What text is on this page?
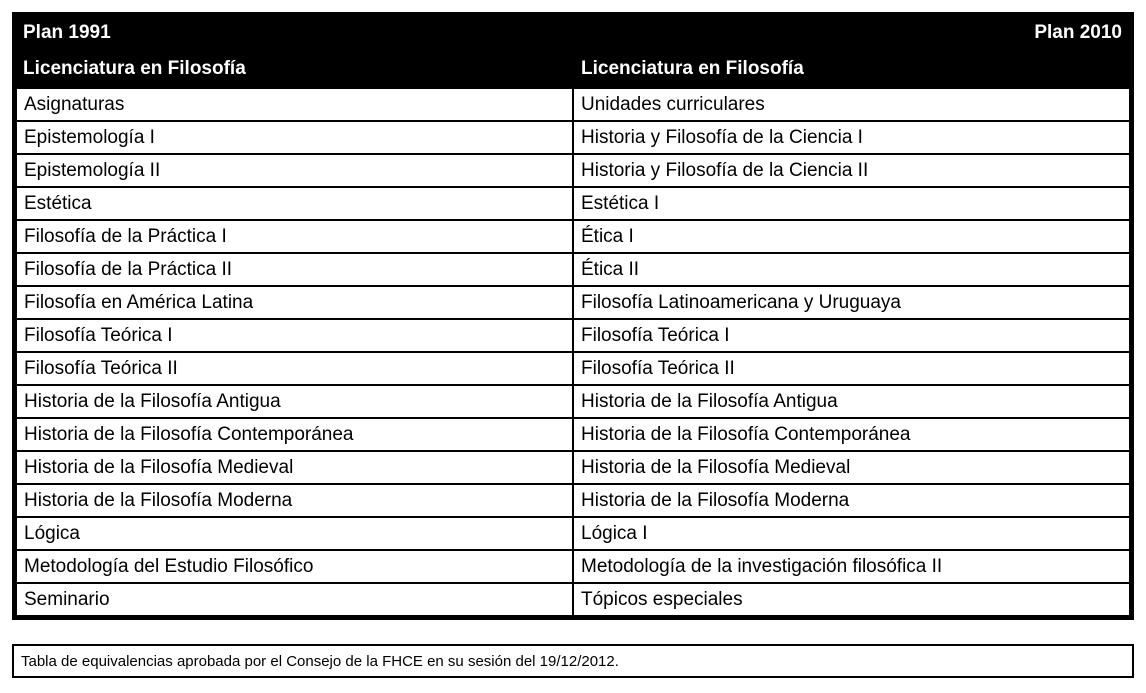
Plan 1991	Plan 2010
Licenciatura en Filosofía	Licenciatura en Filosofía
Asignaturas	Unidades curriculares
Epistemología I	Historia y Filosofía de la Ciencia I
Epistemología II	Historia y Filosofía de la Ciencia II
Estética	Estética I
Filosofía de la Práctica I	Ética I
Filosofía de la Práctica II	Ética II
Filosofía en América Latina	Filosofía Latinoamericana y Uruguaya
Filosofía Teórica I	Filosofía Teórica I
Filosofía Teórica II	Filosofía Teórica II
Historia de la Filosofía Antigua	Historia de la Filosofía Antigua
Historia de la Filosofía Contemporánea	Historia de la Filosofía Contemporánea
Historia de la Filosofía Medieval	Historia de la Filosofía Medieval
Historia de la Filosofía Moderna	Historia de la Filosofía Moderna
Lógica	Lógica I
Metodología del Estudio Filosófico	Metodología de la investigación filosófica II
Seminario	Tópicos especiales
Tabla de equivalencias aprobada por el Consejo de la FHCE en su sesión del 19/12/2012.
